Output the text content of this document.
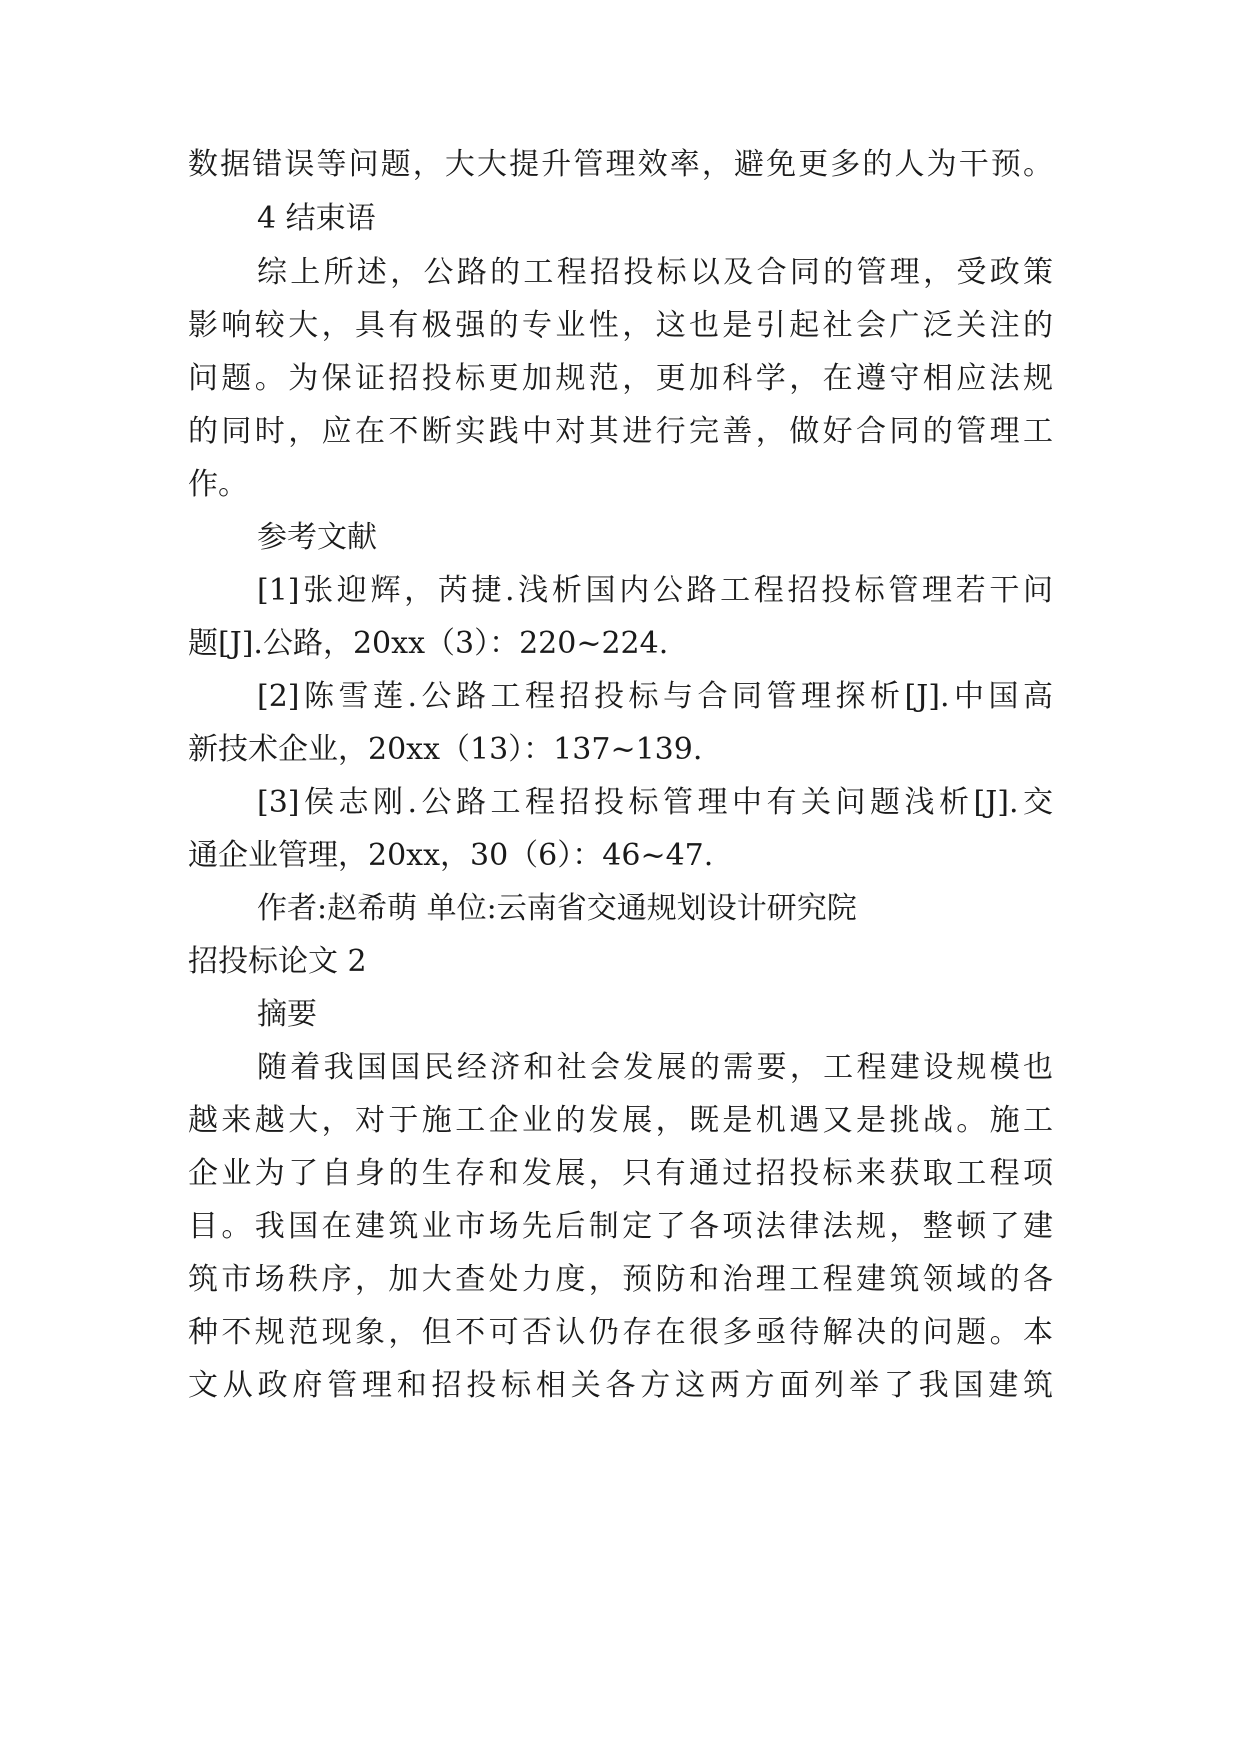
数据错误等问题，大大提升管理效率，避免更多的人为干预。
4 结束语
综上所述，公路的工程招投标以及合同的管理，受政策
影响较大，具有极强的专业性，这也是引起社会广泛关注的
问题。为保证招投标更加规范，更加科学，在遵守相应法规
的同时，应在不断实践中对其进行完善，做好合同的管理工
作。
参考文献
[1]张迎辉，芮捷.浅析国内公路工程招投标管理若干问
题[J].公路，20xx（3）：220~224.
[2]陈雪莲.公路工程招投标与合同管理探析[J].中国高
新技术企业，20xx（13）：137~139.
[3]侯志刚.公路工程招投标管理中有关问题浅析[J].交
通企业管理，20xx，30（6）：46~47.
作者:赵希萌 单位:云南省交通规划设计研究院
招投标论文 2
摘要
随着我国国民经济和社会发展的需要，工程建设规模也
越来越大，对于施工企业的发展，既是机遇又是挑战。施工
企业为了自身的生存和发展，只有通过招投标来获取工程项
目。我国在建筑业市场先后制定了各项法律法规，整顿了建
筑市场秩序，加大查处力度，预防和治理工程建筑领域的各
种不规范现象，但不可否认仍存在很多亟待解决的问题。本
文从政府管理和招投标相关各方这两方面列举了我国建筑
